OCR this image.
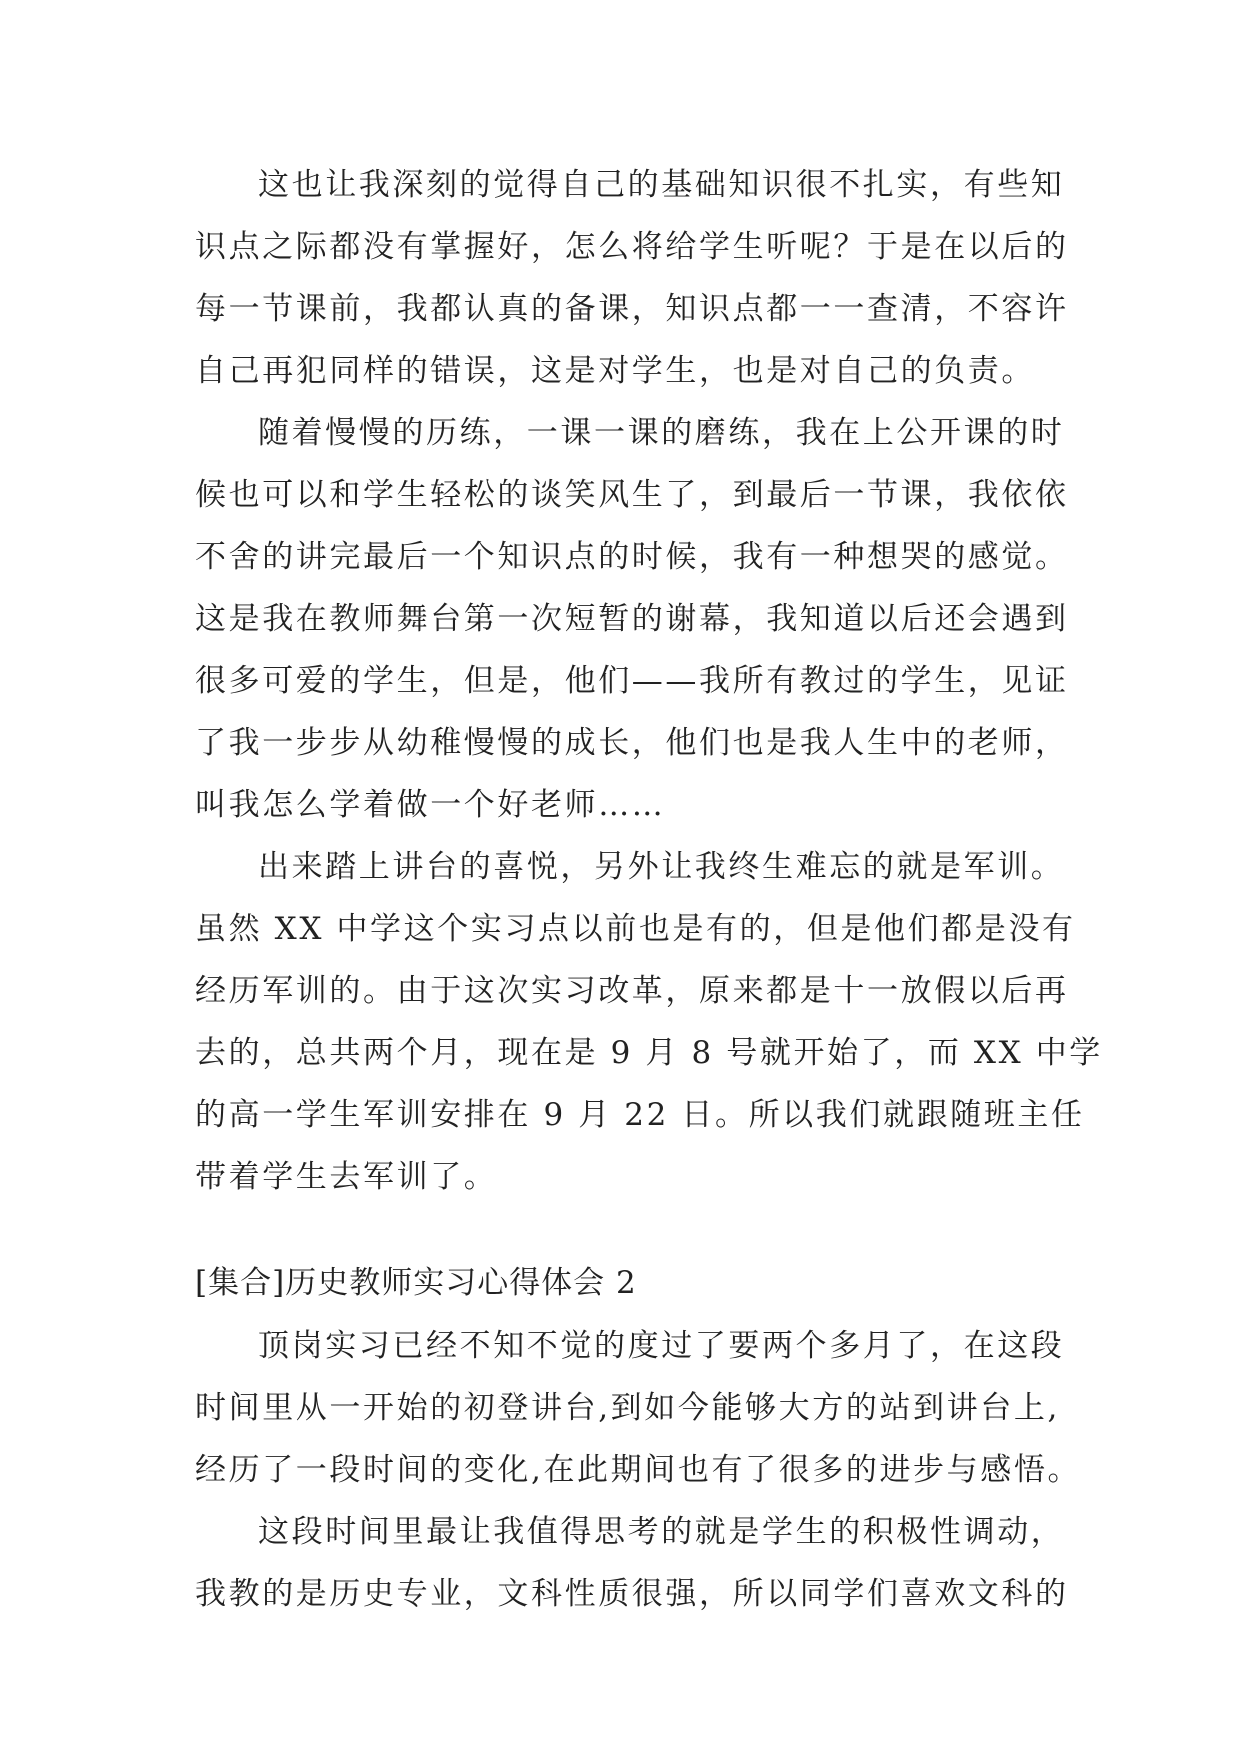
这也让我深刻的觉得自己的基础知识很不扎实，有些知
识点之际都没有掌握好，怎么将给学生听呢？于是在以后的
每一节课前，我都认真的备课，知识点都一一查清，不容许
自己再犯同样的错误，这是对学生，也是对自己的负责。
随着慢慢的历练，一课一课的磨练，我在上公开课的时
候也可以和学生轻松的谈笑风生了，到最后一节课，我依依
不舍的讲完最后一个知识点的时候，我有一种想哭的感觉。
这是我在教师舞台第一次短暂的谢幕，我知道以后还会遇到
很多可爱的学生，但是，他们——我所有教过的学生，见证
了我一步步从幼稚慢慢的成长，他们也是我人生中的老师，
叫我怎么学着做一个好老师……
出来踏上讲台的喜悦，另外让我终生难忘的就是军训。
虽然 XX 中学这个实习点以前也是有的，但是他们都是没有
经历军训的。由于这次实习改革，原来都是十一放假以后再
去的，总共两个月，现在是 9 月 8 号就开始了，而 XX 中学
的高一学生军训安排在 9 月 22 日。所以我们就跟随班主任
带着学生去军训了。
[集合]历史教师实习心得体会 2
顶岗实习已经不知不觉的度过了要两个多月了，在这段
时间里从一开始的初登讲台,到如今能够大方的站到讲台上,
经历了一段时间的变化,在此期间也有了很多的进步与感悟。
这段时间里最让我值得思考的就是学生的积极性调动，
我教的是历史专业，文科性质很强，所以同学们喜欢文科的
